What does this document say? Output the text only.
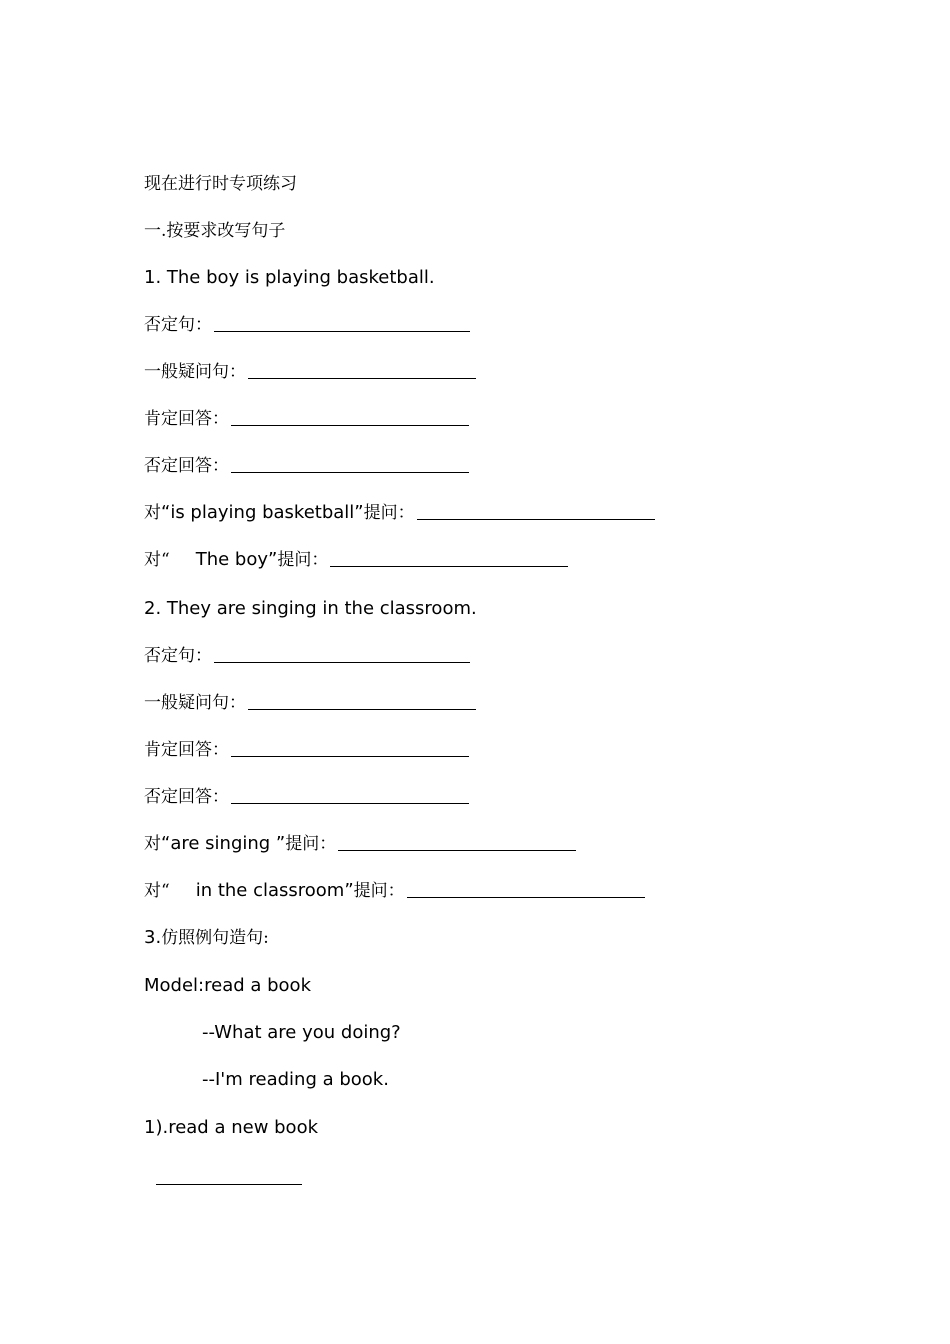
现在进行时专项练习
一.按要求改写句子
1. The boy is playing basketball.
否定句：
一般疑问句：
肯定回答：
否定回答：
对 “is playing basketball” 提问：
对“ The boy” 提问：
2. They are singing in the classroom.
否定句：
一般疑问句：
肯定回答：
否定回答：
对 “are singing ” 提问：
对“ in the classroom” 提问：
3. 仿照例句造句:
Model:read a book
--What are you doing?
--I'm reading a book.
1).read a new book
